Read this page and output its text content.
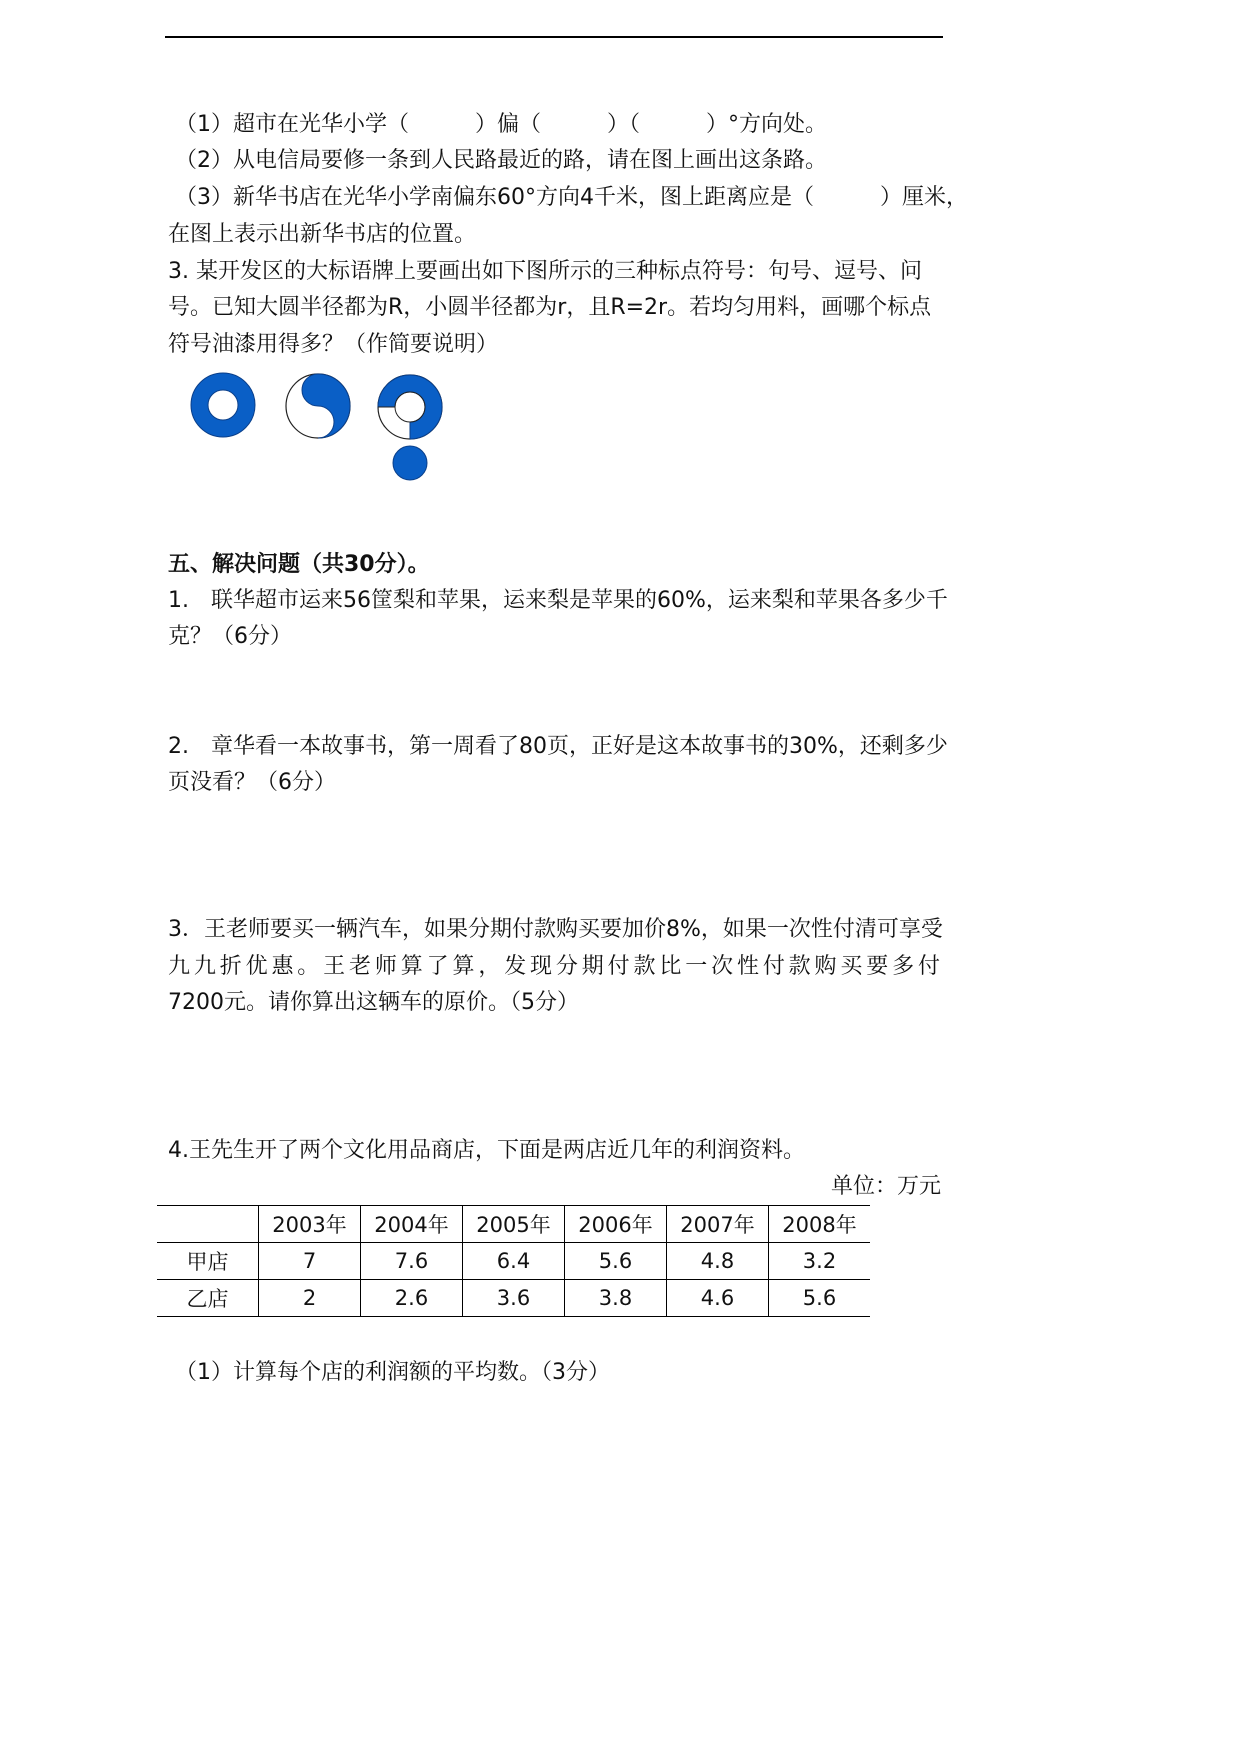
（1）超市在光华小学（　　　）偏（　　　）（　　　）°方向处。
（2）从电信局要修一条到人民路最近的路，请在图上画出这条路。
（3）新华书店在光华小学南偏东60°方向4千米，图上距离应是（　　　）厘米，
在图上表示出新华书店的位置。
3. 某开发区的大标语牌上要画出如下图所示的三种标点符号：句号、逗号、问
号。已知大圆半径都为R，小圆半径都为r，且R=2r。若均匀用料，画哪个标点
符号油漆用得多？（作简要说明）
五、解决问题（共30分）。
1.　联华超市运来56筐梨和苹果，运来梨是苹果的60%，运来梨和苹果各多少千
克？（6分）
2.　章华看一本故事书，第一周看了80页，正好是这本故事书的30%，还剩多少
页没看？（6分）
3．王老师要买一辆汽车，如果分期付款购买要加价8%，如果一次性付清可享受
九九折优惠。王老师算了算，发现分期付款比一次性付款购买要多付
7200元。请你算出这辆车的原价。（5分）
4.王先生开了两个文化用品商店，下面是两店近几年的利润资料。
单位：万元
	2003年	2004年	2005年	2006年	2007年	2008年
甲店	7	7.6	6.4	5.6	4.8	3.2
乙店	2	2.6	3.6	3.8	4.6	5.6
（1）计算每个店的利润额的平均数。（3分）
